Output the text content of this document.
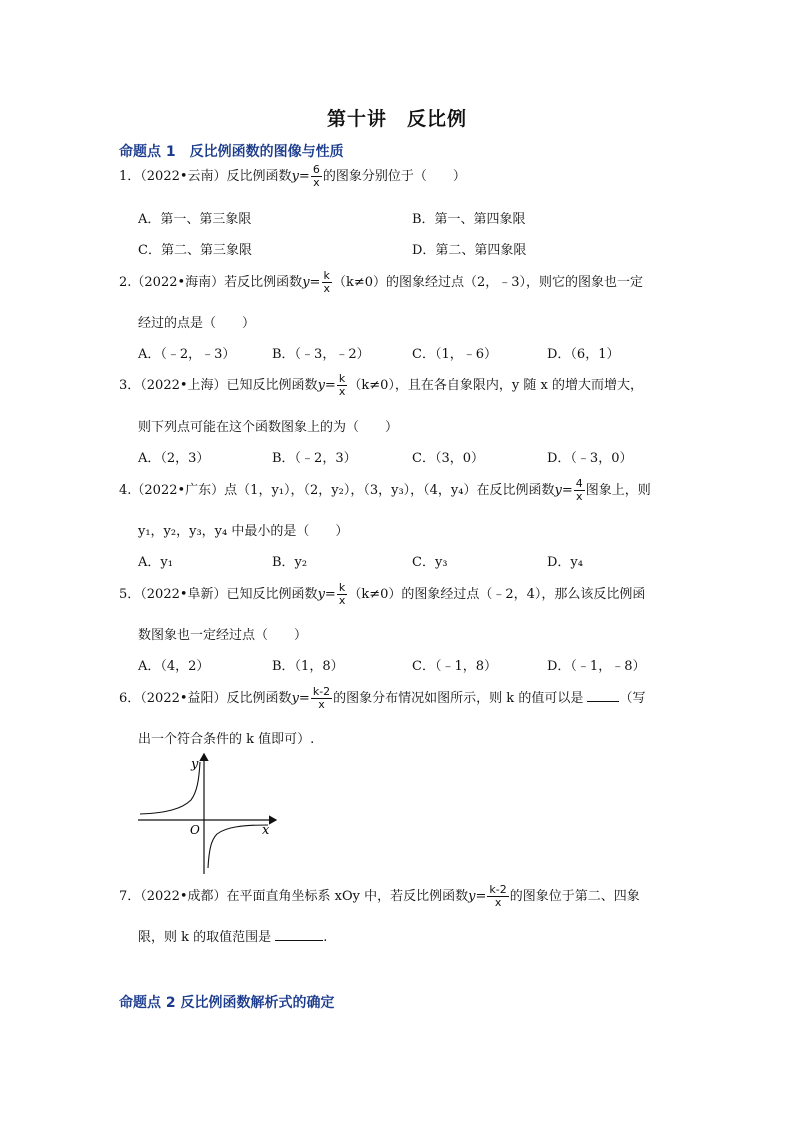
第十讲　反比例
命题点 1　反比例函数的图像与性质
1．（2022•云南）反比例函数$y= \frac{6}{x}$ 的图象分别位于（　　）
A．第一、第三象限	B．第一、第四象限
C．第二、第三象限	D．第二、第四象限
2.（2022•海南）若反比例函数$y= \frac{k}{x} (k\ne 0)$的图象经过点（2，﹣3），则它的图象也一定
经过的点是（　　）
A．（﹣2，﹣3）	B．（﹣3，﹣2）	C．（1，﹣6）	D．（6，1）
3．（2022•上海）已知反比例函数$y= \frac{k}{x} (k\ne 0)$，且在各自象限内，y 随 x 的增大而增大，
则下列点可能在这个函数图象上的为（　　）
A．（2，3）	B．（﹣2，3）	C．（3，0）	D．（﹣3，0）
4.（2022•广东）点（1，y₁），（2，y₂），（3，y₃），（4，y₄）在反比例函数$y= \frac{4}{x}$ 图象上，则
y₁，y₂，y₃，y₄ 中最小的是（　　）
A．y₁	B．y₂	C．y₃	D．y₄
5．（2022•阜新）已知反比例函数$y= \frac{k}{x} (k\ne 0)$的图象经过点（﹣2，4），那么该反比例函
数图象也一定经过点（　　）
A．（4，2）	B．（1，8）	C．（﹣1，8）	D．（﹣1，﹣8）
6．（2022•益阳）反比例函数$y= \frac{k-2}{x}$ 的图象分布情况如图所示，则 k 的值可以是	（写
出一个符合条件的 k 值即可）.
y
x
O
7．（2022•成都）在平面直角坐标系 xOy 中，若反比例函数$y= \frac{k-2}{x}$ 的图象位于第二、四象
限，则 k 的取值范围是	.
命题点 2 反比例函数解析式的确定
